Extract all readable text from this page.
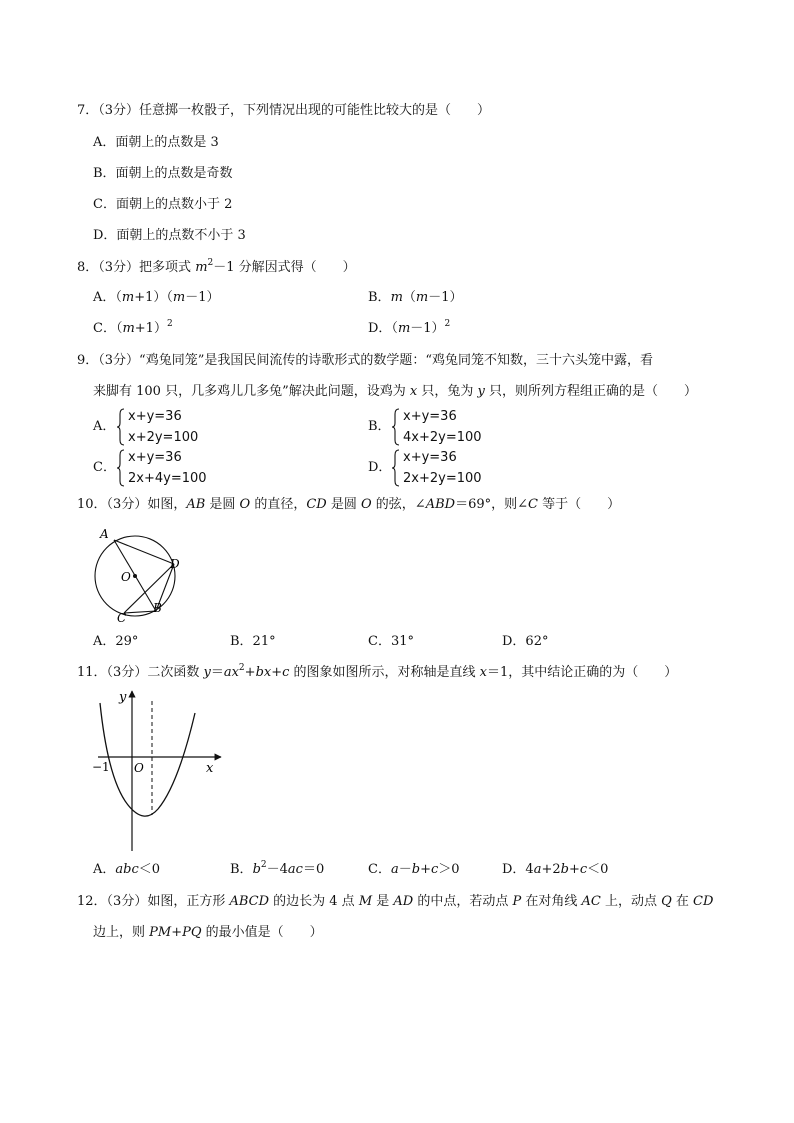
7．（3分）任意掷一枚骰子，下列情况出现的可能性比较大的是（　　）
A．面朝上的点数是 3
B．面朝上的点数是奇数
C．面朝上的点数小于 2
D．面朝上的点数不小于 3
8．（3分）把多项式 $m^2-1$ 分解因式得（　　）
A．（m+1）（m－1）	B．m（m－1）
C．$(m+1)^2$	D．$(m-1)^2$
9．（3分）“鸡兔同笼”是我国民间流传的诗歌形式的数学题：“鸡兔同笼不知数，三十六头笼中露，看
来脚有 100 只，几多鸡儿几多兔”解决此问题，设鸡为 x 只，兔为 y 只，则所列方程组正确的是（　　）
A．
x+y=36
x+2y=100
B．
x+y=36
4x+2y=100
C．
x+y=36
2x+4y=100
D．
x+y=36
2x+2y=100
10．（3分）如图，AB 是圆 O 的直径，CD 是圆 O 的弦，∠ABD＝69°，则∠C 等于（　　）
A
D
O
B
C
A．29°	B．21°	C．31°	D．62°
11．（3分）二次函数 $y=ax^2+bx+c$ 的图象如图所示，对称轴是直线 x＝1，其中结论正确的为（　　）
y
x
O
−1
A．abc＜0	B．$b^2-4ac=0$	C．a－b+c＞0	D．4a+2b+c＜0
12．（3分）如图，正方形 ABCD 的边长为 4 点 M 是 AD 的中点，若动点 P 在对角线 AC 上，动点 Q 在 CD
边上，则 PM+PQ 的最小值是（　　）
